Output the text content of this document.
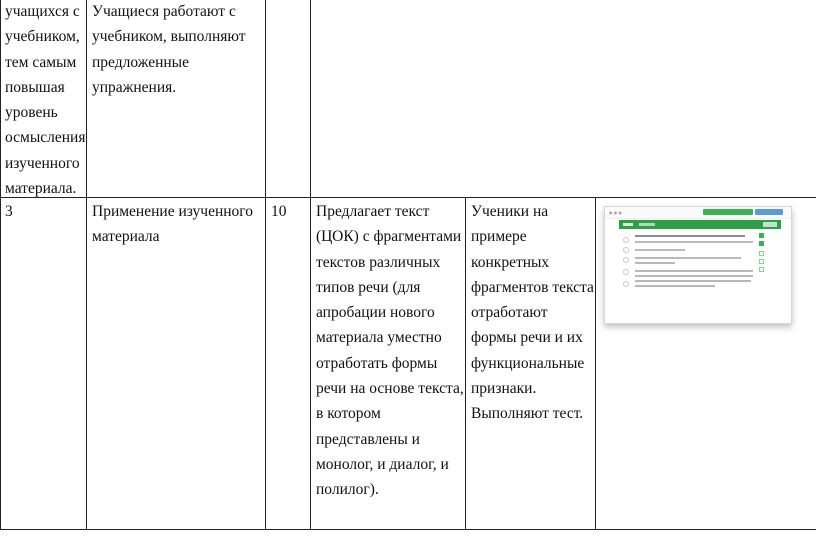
учащихся с
учебником,
тем самым
повышая
уровень
осмысления
изученного
материала.
Учащиеся работают с
учебником, выполняют
предложенные
упражнения.
3	Применение изученного
материала
10	Предлагает текст
(ЦОК) с фрагментами
текстов различных
типов речи (для
апробации нового
материала уместно
отработать формы
речи на основе текста,
в котором
представлены и
монолог, и диалог, и
полилог).
Ученики на
примере
конкретных
фрагментов текста
отработают
формы речи и их
функциональные
признаки.
Выполняют тест.
● ● ●
